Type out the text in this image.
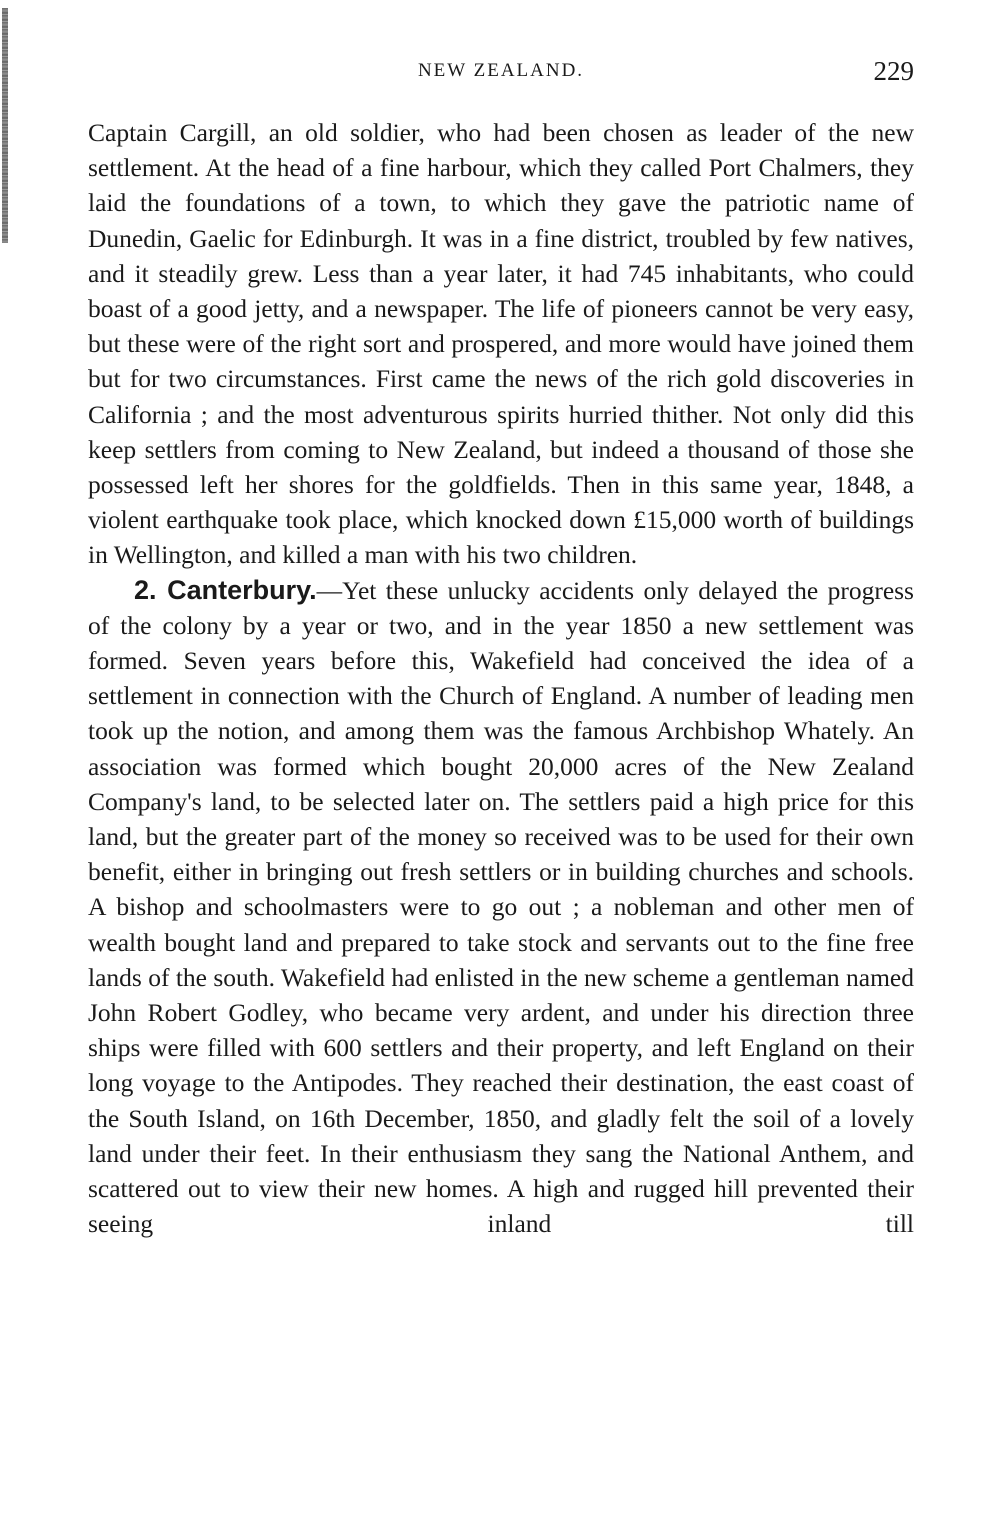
NEW ZEALAND.	229

Captain Cargill, an old soldier, who had been chosen as leader of the new settlement. At the head of a fine harbour, which they called Port Chalmers, they laid the foundations of a town, to which they gave the patriotic name of Dunedin, Gaelic for Edinburgh. It was in a fine district, troubled by few natives, and it steadily grew. Less than a year later, it had 745 inhabitants, who could boast of a good jetty, and a newspaper. The life of pioneers cannot be very easy, but these were of the right sort and prospered, and more would have joined them but for two circumstances. First came the news of the rich gold discoveries in California ; and the most adventurous spirits hurried thither. Not only did this keep settlers from coming to New Zealand, but indeed a thousand of those she possessed left her shores for the goldfields. Then in this same year, 1848, a violent earthquake took place, which knocked down £15,000 worth of buildings in Wellington, and killed a man with his two children.

2. Canterbury.—Yet these unlucky accidents only delayed the progress of the colony by a year or two, and in the year 1850 a new settlement was formed. Seven years before this, Wakefield had conceived the idea of a settlement in connection with the Church of England. A number of leading men took up the notion, and among them was the famous Archbishop Whately. An association was formed which bought 20,000 acres of the New Zealand Company's land, to be selected later on. The settlers paid a high price for this land, but the greater part of the money so received was to be used for their own benefit, either in bringing out fresh settlers or in building churches and schools. A bishop and schoolmasters were to go out ; a nobleman and other men of wealth bought land and prepared to take stock and servants out to the fine free lands of the south. Wakefield had enlisted in the new scheme a gentleman named John Robert Godley, who became very ardent, and under his direction three ships were filled with 600 settlers and their property, and left England on their long voyage to the Antipodes. They reached their destination, the east coast of the South Island, on 16th December, 1850, and gladly felt the soil of a lovely land under their feet. In their enthusiasm they sang the National Anthem, and scattered out to view their new homes. A high and rugged hill prevented their seeing inland till
